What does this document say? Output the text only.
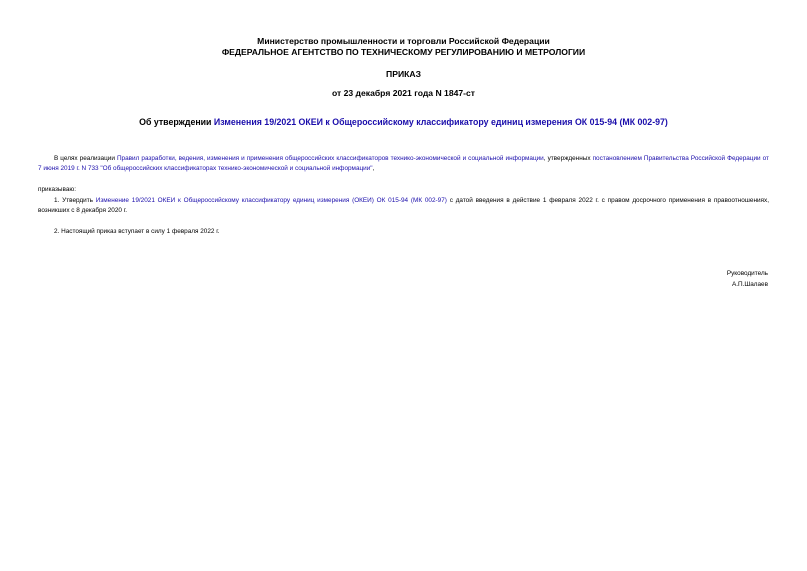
Министерство промышленности и торговли Российской Федерации
ФЕДЕРАЛЬНОЕ АГЕНТСТВО ПО ТЕХНИЧЕСКОМУ РЕГУЛИРОВАНИЮ И МЕТРОЛОГИИ
ПРИКАЗ
от 23 декабря 2021 года N 1847-ст
Об утверждении Изменения 19/2021 ОКЕИ к Общероссийскому классификатору единиц измерения ОК 015-94 (МК 002-97)
В целях реализации Правил разработки, ведения, изменения и применения общероссийских классификаторов технико-экономической и социальной информации, утвержденных постановлением Правительства Российской Федерации от 7 июня 2019 г. N 733 "Об общероссийских классификаторах технико-экономической и социальной информации",
приказываю:
1. Утвердить Изменение 19/2021 ОКЕИ к Общероссийскому классификатору единиц измерения (ОКЕИ) ОК 015-94 (МК 002-97) с датой введения в действие 1 февраля 2022 г. с правом досрочного применения в правоотношениях, возникших с 8 декабря 2020 г.
2. Настоящий приказ вступает в силу 1 февраля 2022 г.
Руководитель
А.П.Шалаев
